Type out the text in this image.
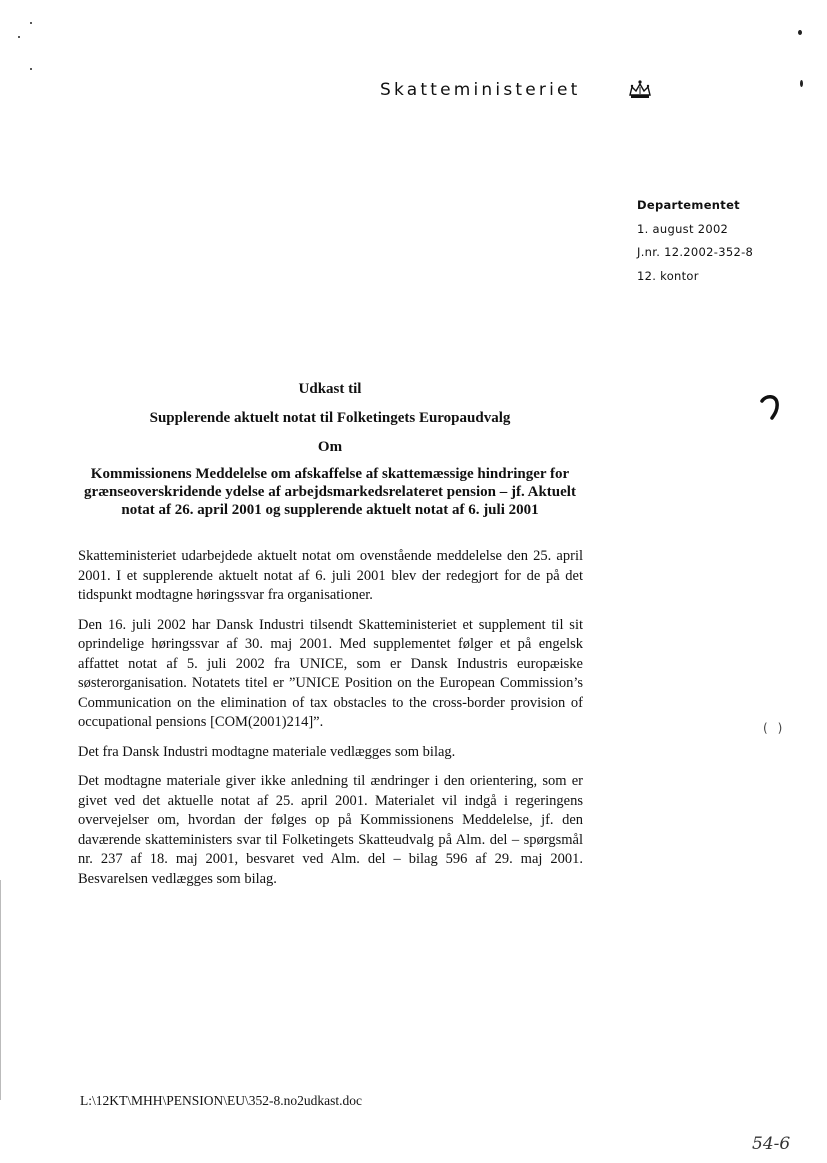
Skatteministeriet
Departementet
1. august 2002
J.nr. 12.2002-352-8
12. kontor
Udkast til
Supplerende aktuelt notat til Folketingets Europaudvalg
Om
Kommissionens Meddelelse om afskaffelse af skattemæssige hindringer for grænseoverskridende ydelse af arbejdsmarkedsrelateret pension – jf. Aktuelt notat af 26. april 2001 og supplerende aktuelt notat af 6. juli 2001

Skatteministeriet udarbejdede aktuelt notat om ovenstående meddelelse den 25. april 2001. I et supplerende aktuelt notat af 6. juli 2001 blev der redegjort for de på det tidspunkt modtagne høringssvar fra organisationer.

Den 16. juli 2002 har Dansk Industri tilsendt Skatteministeriet et supplement til sit oprindelige høringssvar af 30. maj 2001. Med supplementet følger et på engelsk affattet notat af 5. juli 2002 fra UNICE, som er Dansk Industris europæiske søsterorganisation. Notatets titel er ”UNICE Position on the European Commission’s Communication on the elimination of tax obstacles to the cross-border provision of occupational pensions [COM(2001)214]”.

Det fra Dansk Industri modtagne materiale vedlægges som bilag.

Det modtagne materiale giver ikke anledning til ændringer i den orientering, som er givet ved det aktuelle notat af 25. april 2001. Materialet vil indgå i regeringens overvejelser om, hvordan der følges op på Kommissionens Meddelelse, jf. den daværende skatteministers svar til Folketingets Skatteudvalg på Alm. del – spørgsmål nr. 237 af 18. maj 2001, besvaret ved Alm. del – bilag 596 af 29. maj 2001. Besvarelsen vedlægges som bilag.

L:\12KT\MHH\PENSION\EU\352-8.no2udkast.doc
54-6
()
